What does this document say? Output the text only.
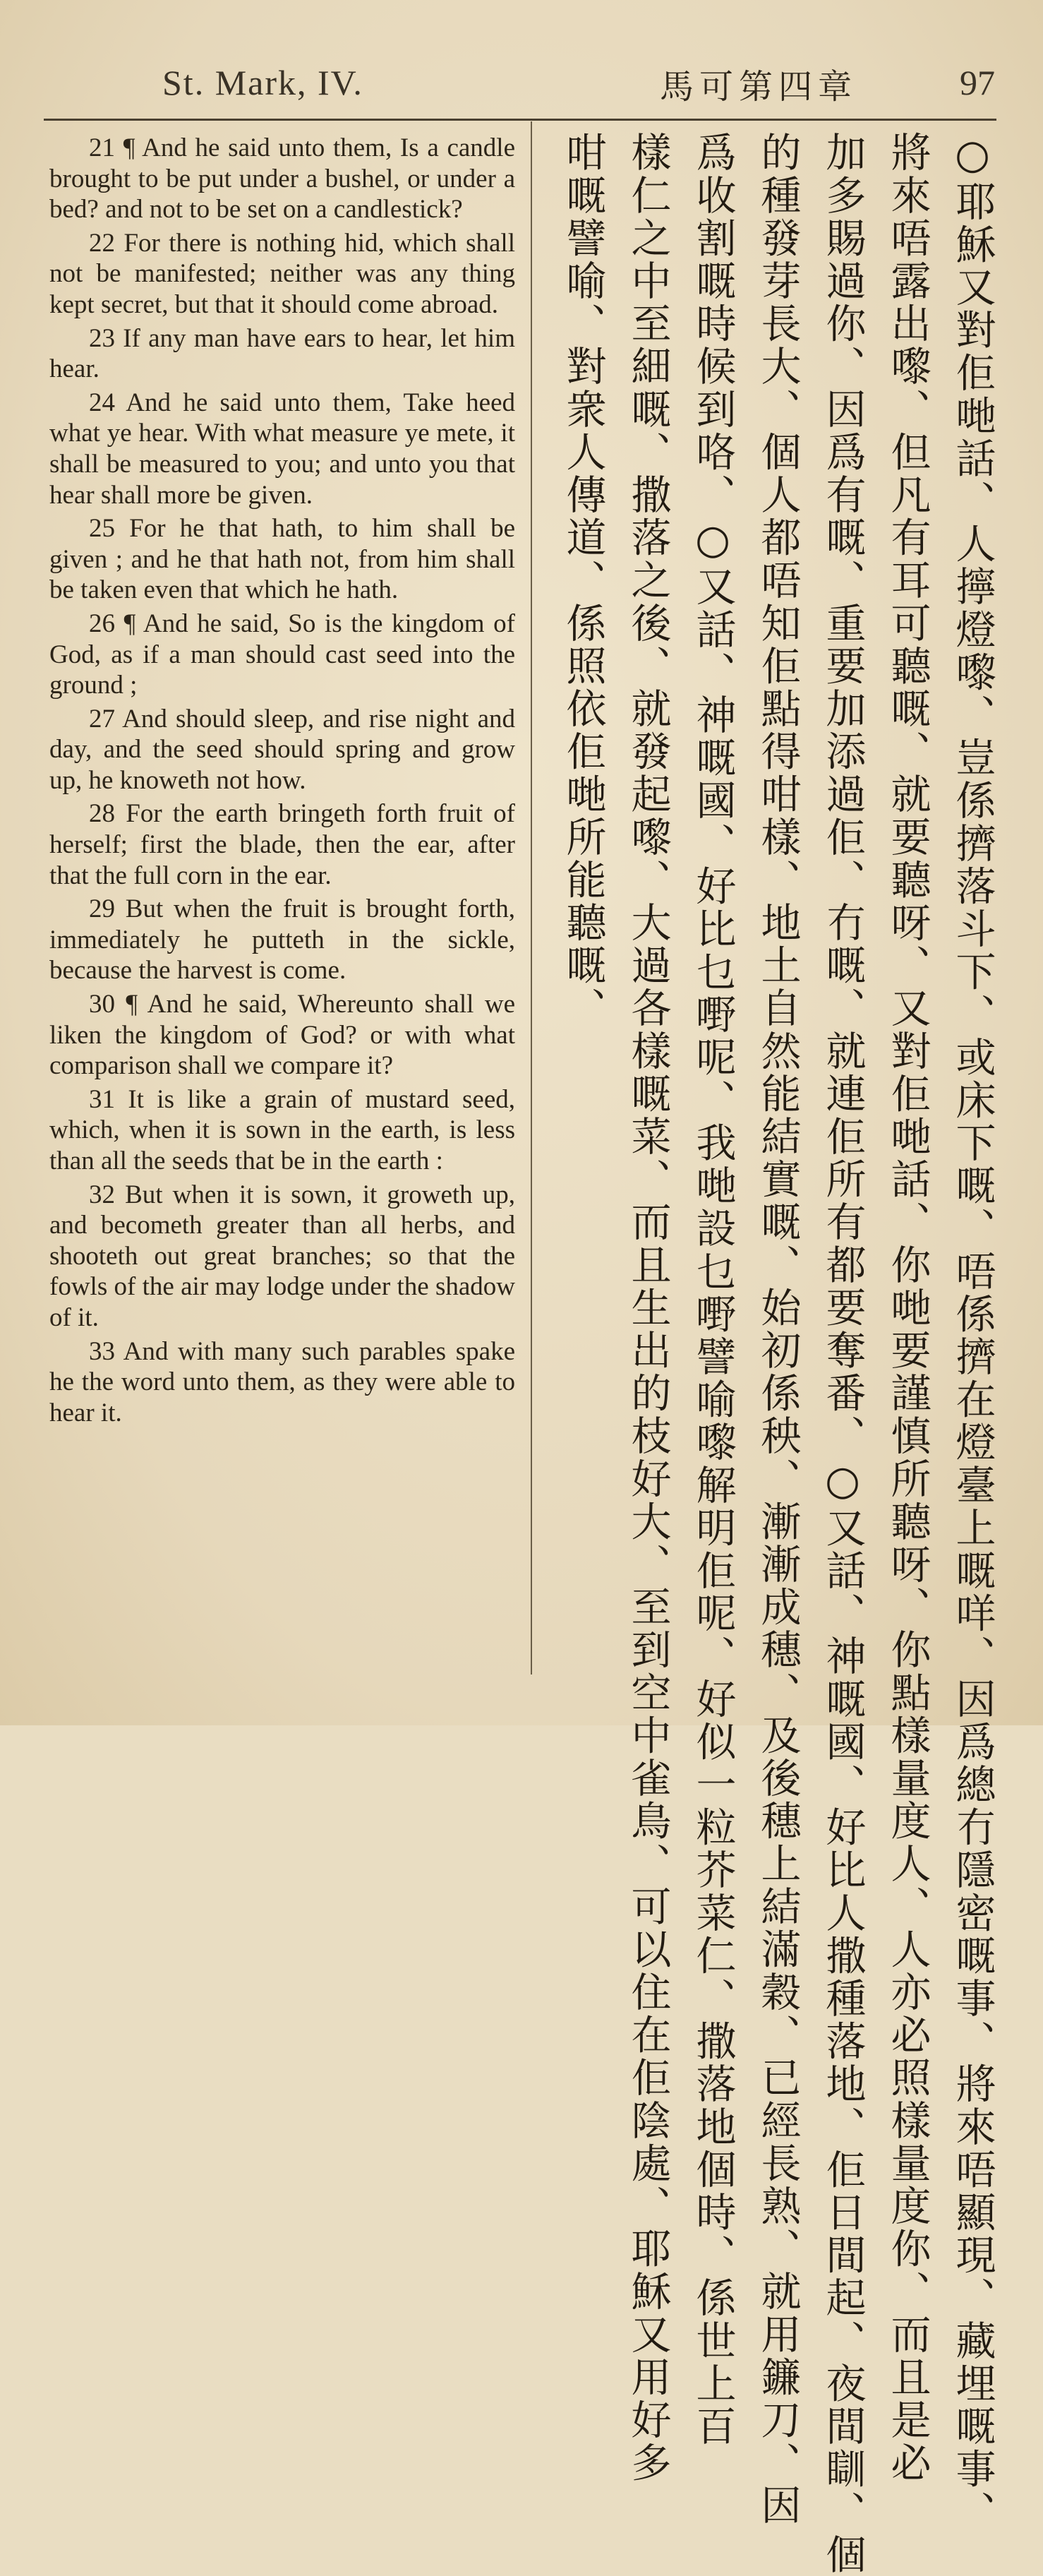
St. Mark, IV.	馬可第四章	97

21 ¶ And he said unto them, Is a candle brought to be put under a bushel, or under a bed? and not to be set on a candlestick?

22 For there is nothing hid, which shall not be manifested; neither was any thing kept secret, but that it should come abroad.

23 If any man have ears to hear, let him hear.

24 And he said unto them, Take heed what ye hear. With what measure ye mete, it shall be measured to you; and unto you that hear shall more be given.

25 For he that hath, to him shall be given ; and he that hath not, from him shall be taken even that which he hath.

26 ¶ And he said, So is the kingdom of God, as if a man should cast seed into the ground ;

27 And should sleep, and rise night and day, and the seed should spring and grow up, he knoweth not how.

28 For the earth bringeth forth fruit of herself; first the blade, then the ear, after that the full corn in the ear.

29 But when the fruit is brought forth, immediately he putteth in the sickle, because the harvest is come.

30 ¶ And he said, Whereunto shall we liken the kingdom of God? or with what comparison shall we compare it?

31 It is like a grain of mustard seed, which, when it is sown in the earth, is less than all the seeds that be in the earth :

32 But when it is sown, it groweth up, and becometh greater than all herbs, and shooteth out great branches; so that the fowls of the air may lodge under the shadow of it.

33 And with many such parables spake he the word unto them, as they were able to hear it.	○耶穌又對佢哋話、人擰燈嚟、豈係擠落斗下、或床下嘅、唔係擠在燈臺上嘅咩、因爲總冇隱密嘅事、將來唔顯現、藏埋嘅事、
將來唔露出嚟、但凡有耳可聽嘅、就要聽呀、又對佢哋話、你哋要謹慎所聽呀、你點樣量度人、人亦必照樣量度你、而且是必
加多賜過你、因爲有嘅、重要加添過佢、冇嘅、就連佢所有都要奪番、○又話、神嘅國、好比人撒種落地、佢日間起、夜間瞓、個
的種發芽長大、個人都唔知佢點得咁樣、地土自然能結實嘅、始初係秧、漸漸成穗、及後穗上結滿穀、已經長熟、就用鐮刀、因
爲收割嘅時候到咯、○又話、神嘅國、好比乜嘢呢、我哋設乜嘢譬喻嚟解明佢呢、好似一粒芥菜仁、撒落地個時、係世上百
樣仁之中至細嘅、撒落之後、就發起嚟、大過各樣嘅菜、而且生出的枝好大、至到空中雀鳥、可以住在佢陰處、耶穌又用好多
咁嘅譬喻、對衆人傳道、係照依佢哋所能聽嘅、
